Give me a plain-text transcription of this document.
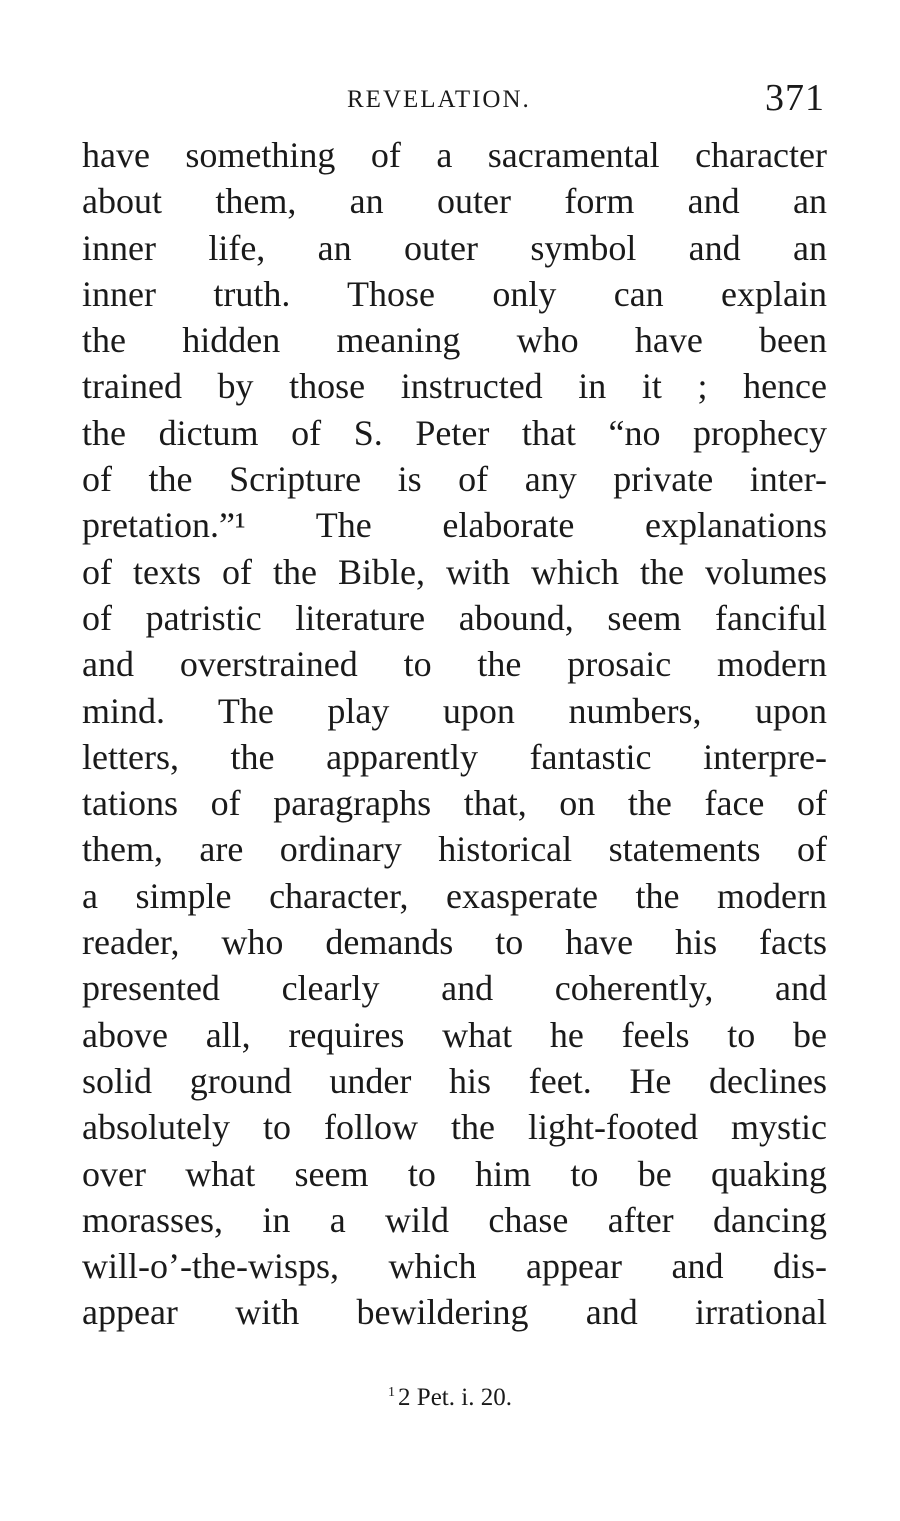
REVELATION.	371
have something of a sacramental character
about them, an outer form and an
inner life, an outer symbol and an
inner truth. Those only can explain
the hidden meaning who have been
trained by those instructed in it ; hence
the dictum of S. Peter that “no prophecy
of the Scripture is of any private inter-
pretation.”¹ The elaborate explanations
of texts of the Bible, with which the volumes
of patristic literature abound, seem fanciful
and overstrained to the prosaic modern
mind. The play upon numbers, upon
letters, the apparently fantastic interpre-
tations of paragraphs that, on the face of
them, are ordinary historical statements of
a simple character, exasperate the modern
reader, who demands to have his facts
presented clearly and coherently, and
above all, requires what he feels to be
solid ground under his feet. He declines
absolutely to follow the light-footed mystic
over what seem to him to be quaking
morasses, in a wild chase after dancing
will-o’-the-wisps, which appear and dis-
appear with bewildering and irrational
$^1$ 2 Pet. i. 20.
